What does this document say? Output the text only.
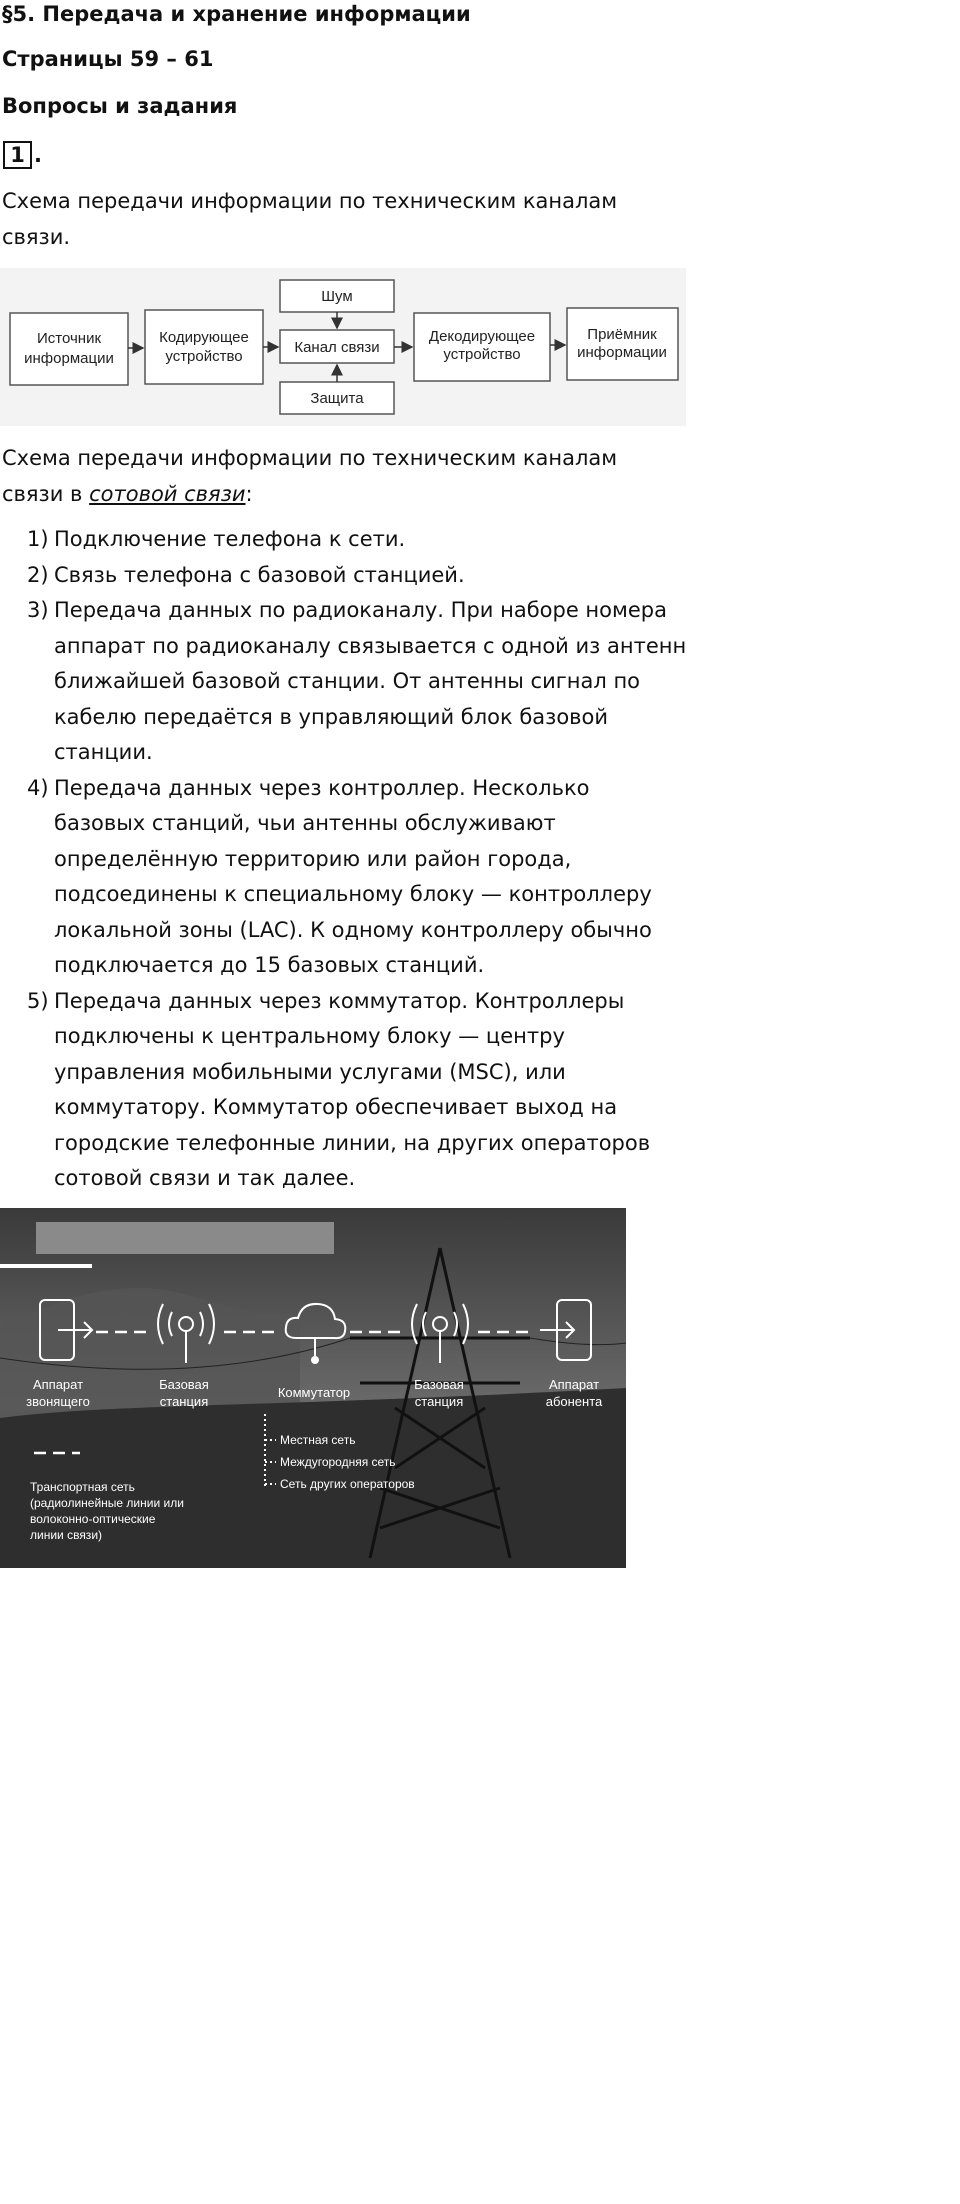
§5. Передача и хранение информации

Страницы 59 – 61

Вопросы и задания

1 .

Схема передачи информации по техническим каналам

связи.

Источник
информации
Кодирующее
устройство
Шум
Канал связи
Защита
Декодирующее
устройство
Приёмник
информации

Схема передачи информации по техническим каналам

связи в сотовой связи:

1) Подключение телефона к сети.
2) Связь телефона с базовой станцией.
3) Передача данных по радиоканалу. При наборе номера
аппарат по радиоканалу связывается с одной из антенн
ближайшей базовой станции. От антенны сигнал по
кабелю передаётся в управляющий блок базовой
станции.
4) Передача данных через контроллер. Несколько
базовых станций, чьи антенны обслуживают
определённую территорию или район города,
подсоединены к специальному блоку — контроллеру
локальной зоны (LAC). К одному контроллеру обычно
подключается до 15 базовых станций.
5) Передача данных через коммутатор. Контроллеры
подключены к центральному блоку — центру
управления мобильными услугами (MSC), или
коммутатору. Коммутатор обеспечивает выход на
городские телефонные линии, на других операторов
сотовой связи и так далее.
Аппарат
звонящего
Базовая
станция
Коммутатор
Базовая
станция
Аппарат
абонента
Местная сеть
Междугородняя сеть
Сеть других операторов
Транспортная сеть
(радиолинейные линии или
волоконно-оптические
линии связи)
